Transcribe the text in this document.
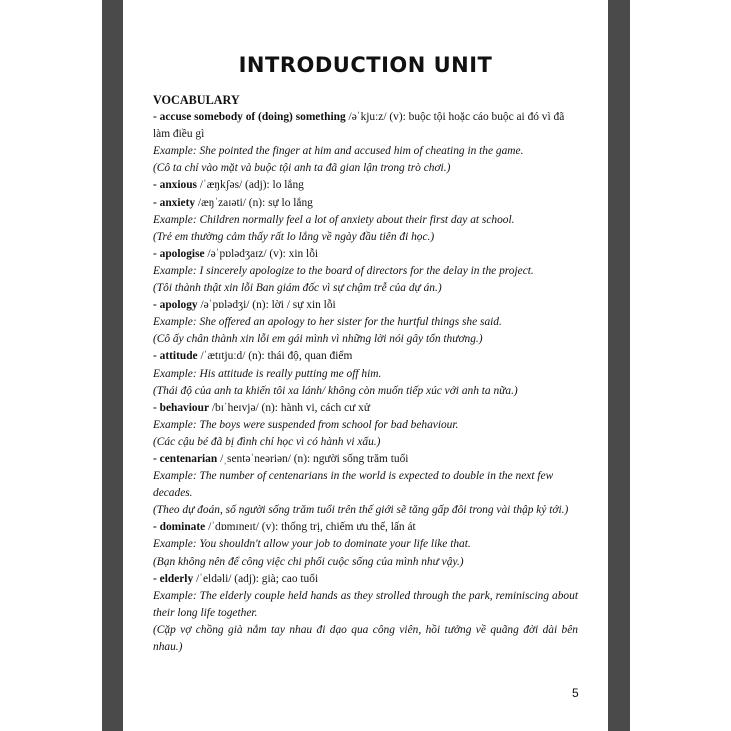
INTRODUCTION UNIT
VOCABULARY
- accuse somebody of (doing) something /əˈkjuːz/ (v): buộc tội hoặc cáo buộc ai đó vì đã làm điều gì
Example: She pointed the finger at him and accused him of cheating in the game.
(Cô ta chỉ vào mặt và buộc tội anh ta đã gian lận trong trò chơi.)
- anxious /ˈæŋkʃəs/ (adj): lo lắng
- anxiety /æŋˈzaɪəti/ (n): sự lo lắng
Example: Children normally feel a lot of anxiety about their first day at school.
(Trẻ em thường cảm thấy rất lo lắng về ngày đầu tiên đi học.)
- apologise /əˈpɒlədʒaɪz/ (v): xin lỗi
Example: I sincerely apologize to the board of directors for the delay in the project.
(Tôi thành thật xin lỗi Ban giám đốc vì sự chậm trễ của dự án.)
- apology /əˈpɒlədʒi/ (n): lời / sự xin lỗi
Example: She offered an apology to her sister for the hurtful things she said.
(Cô ấy chân thành xin lỗi em gái mình vì những lời nói gây tổn thương.)
- attitude /ˈætɪtjuːd/ (n): thái độ, quan điểm
Example: His attitude is really putting me off him.
(Thái độ của anh ta khiến tôi xa lánh/ không còn muốn tiếp xúc với anh ta nữa.)
- behaviour /bɪˈheɪvjə/ (n): hành vi, cách cư xử
Example: The boys were suspended from school for bad behaviour.
(Các cậu bé đã bị đình chỉ học vì có hành vi xấu.)
- centenarian /ˌsentəˈneəriən/ (n): người sống trăm tuổi
Example: The number of centenarians in the world is expected to double in the next few decades.
(Theo dự đoán, số người sống trăm tuổi trên thế giới sẽ tăng gấp đôi trong vài thập kỷ tới.)
- dominate /ˈdɒmɪneɪt/ (v): thống trị, chiếm ưu thế, lấn át
Example: You shouldn't allow your job to dominate your life like that.
(Bạn không nên để công việc chi phối cuộc sống của mình như vậy.)
- elderly /ˈeldəli/ (adj): già; cao tuổi
Example: The elderly couple held hands as they strolled through the park, reminiscing about their long life together.
(Cặp vợ chồng già nắm tay nhau đi dạo qua công viên, hồi tưởng về quãng đời dài bên nhau.)
5
